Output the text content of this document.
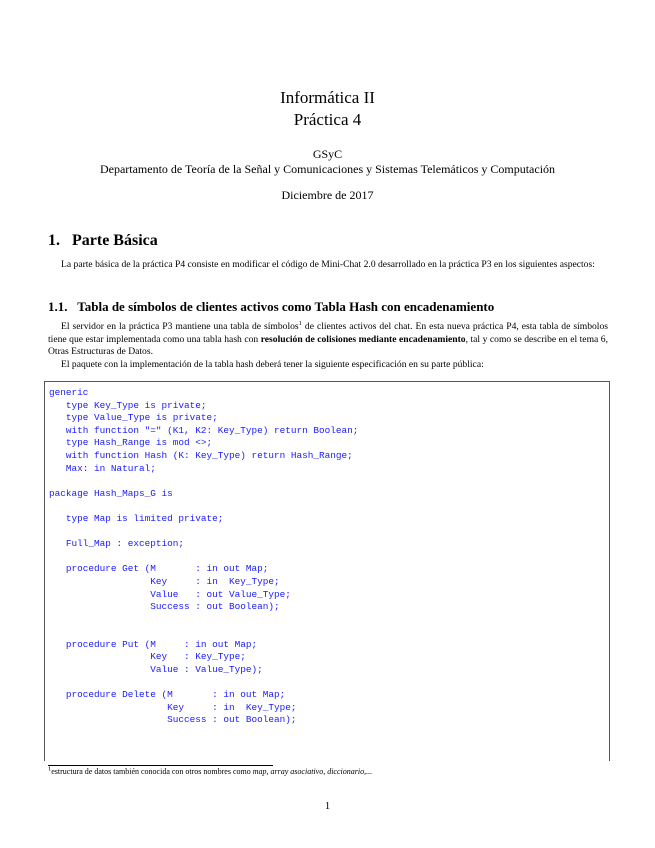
Informática II
Práctica 4
GSyC
Departamento de Teoría de la Señal y Comunicaciones y Sistemas Telemáticos y Computación
Diciembre de 2017
1. Parte Básica
La parte básica de la práctica P4 consiste en modificar el código de Mini-Chat 2.0 desarrollado en la práctica P3 en los siguientes aspectos:
1.1. Tabla de símbolos de clientes activos como Tabla Hash con encadenamiento
El servidor en la práctica P3 mantiene una tabla de símbolos$^1$ de clientes activos del chat. En esta nueva práctica P4, esta tabla de símbolos tiene que estar implementada como una tabla hash con resolución de colisiones mediante encadenamiento, tal y como se describe en el tema 6, Otras Estructuras de Datos.
El paquete con la implementación de la tabla hash deberá tener la siguiente especificación en su parte pública:
generic
type Key_Type is private;
type Value_Type is private;
with function "=" (K1, K2: Key_Type) return Boolean;
type Hash_Range is mod <>;
with function Hash (K: Key_Type) return Hash_Range;
Max: in Natural;

package Hash_Maps_G is

type Map is limited private;

Full_Map : exception;

procedure Get (M       : in out Map;
Key     : in  Key_Type;
Value   : out Value_Type;
Success : out Boolean);

procedure Put (M     : in out Map;
Key   : Key_Type;
Value : Value_Type);

procedure Delete (M       : in out Map;
Key     : in  Key_Type;
Success : out Boolean);

$^1$estructura de datos también conocida con otros nombres como map, array asociativo, diccionario,...
1
